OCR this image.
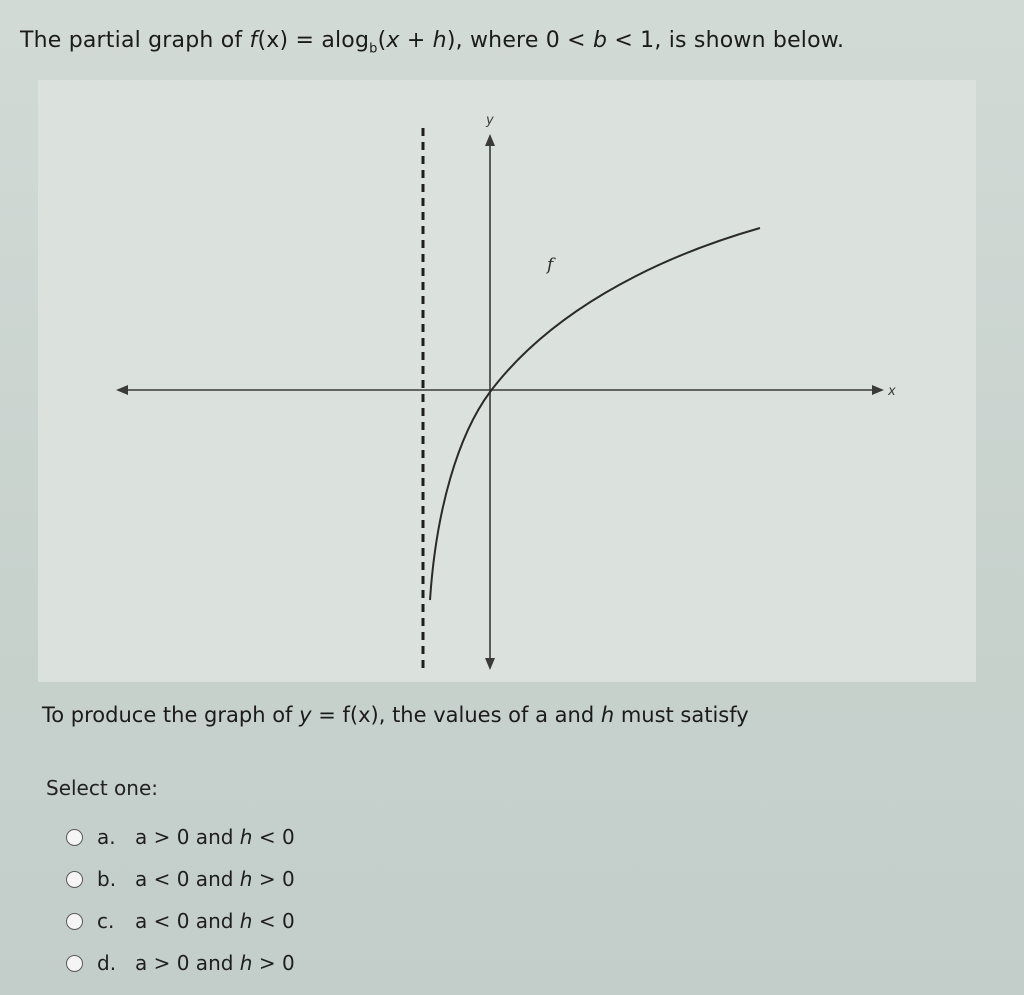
The partial graph of f(x) = alog$_b$(x + h), where 0 < b < 1, is shown below.
x
y
f
To produce the graph of y = f(x), the values of a and h must satisfy
Select one:
a. a > 0 and h < 0
b. a < 0 and h > 0
c.	a < 0 and h < 0
d. a > 0 and h > 0
